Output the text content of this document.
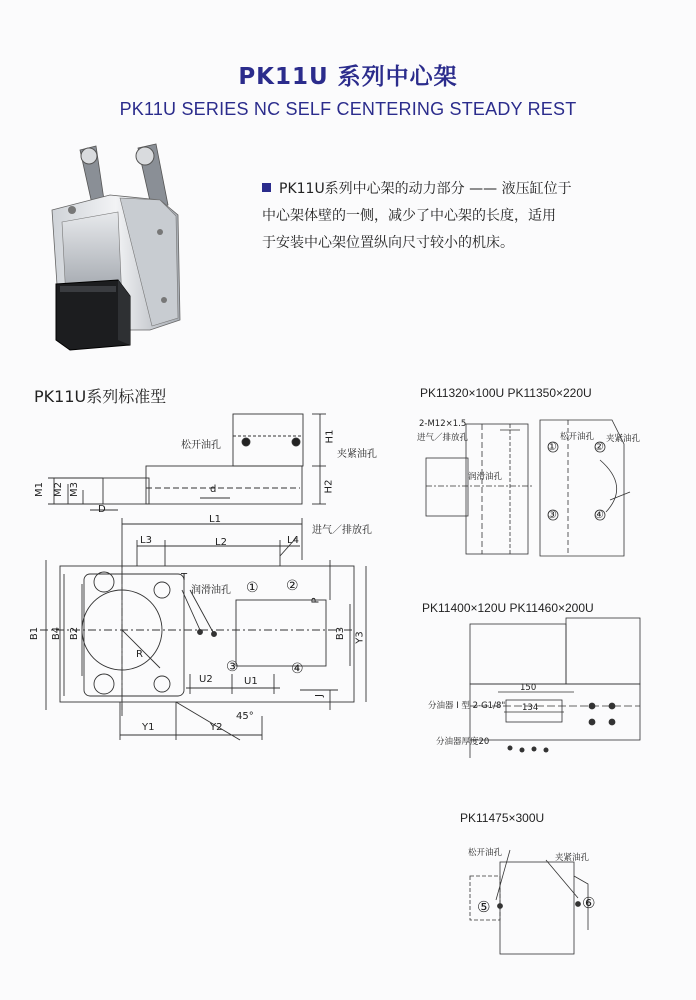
PK11U 系列中心架
PK11U SERIES NC SELF CENTERING STEADY REST
PK11U系列中心架的动力部分 —— 液压缸位于
中心架体壁的一侧，减少了中心架的长度，适用
于安装中心架位置纵向尺寸较小的机床。
PK11U系列标准型
松开油孔
夹紧油孔
H1
H2
M1 M2 M3
D
d
L1
进气／排放孔
L3	L2	L4
T
润滑油孔 ① ②
③	④
P
B1 B4 B2	B3 Y3
R
U2	U1
J
45°
Y1	Y2
PK11320×100U PK11350×220U
2-M12×1.5
进气／排放孔
润滑油孔
松开油孔 夹紧油孔
①	②
③	④
PK11400×120U PK11460×200U
150
134
分油器 I 型 2-G1/8"
分油器厚度20
PK11475×300U
松开油孔	夹紧油孔
⑤	⑥
